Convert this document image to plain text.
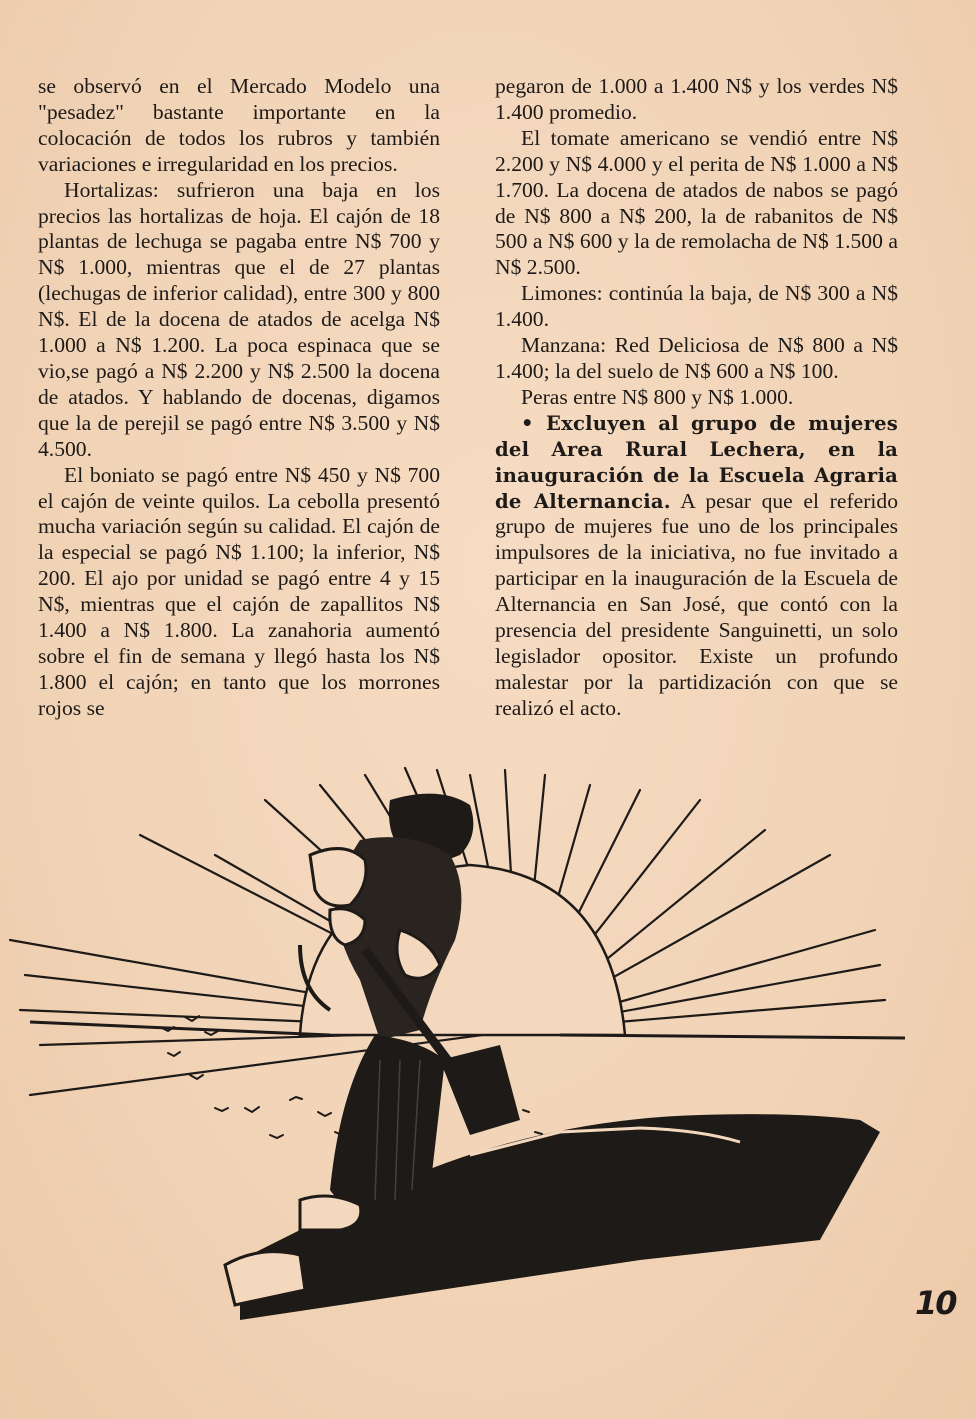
se observó en el Mercado Modelo una "pesadez" bastante importante en la colocación de todos los rubros y también variaciones e irregularidad en los precios.

Hortalizas: sufrieron una baja en los precios las hortalizas de hoja. El cajón de 18 plantas de lechuga se pagaba entre N$ 700 y N$ 1.000, mientras que el de 27 plantas (lechugas de inferior calidad), entre 300 y 800 N$. El de la docena de atados de acelga N$ 1.000 a N$ 1.200. La poca espinaca que se vio,se pagó a N$ 2.200 y N$ 2.500 la docena de atados. Y hablando de docenas, digamos que la de perejil se pagó entre N$ 3.500 y N$ 4.500.

El boniato se pagó entre N$ 450 y N$ 700 el cajón de veinte quilos. La cebolla presentó mucha variación según su calidad. El cajón de la especial se pagó N$ 1.100; la inferior, N$ 200. El ajo por unidad se pagó entre 4 y 15 N$, mientras que el cajón de zapallitos N$ 1.400 a N$ 1.800. La zanahoria aumentó sobre el fin de semana y llegó hasta los N$ 1.800 el cajón; en tanto que los morrones rojos se

pegaron de 1.000 a 1.400 N$ y los verdes N$ 1.400 promedio.

El tomate americano se vendió entre N$ 2.200 y N$ 4.000 y el perita de N$ 1.000 a N$ 1.700. La docena de atados de nabos se pagó de N$ 800 a N$ 200, la de rabanitos de N$ 500 a N$ 600 y la de remolacha de N$ 1.500 a N$ 2.500.

Limones: continúa la baja, de N$ 300 a N$ 1.400.

Manzana: Red Deliciosa de N$ 800 a N$ 1.400; la del suelo de N$ 600 a N$ 100.

Peras entre N$ 800 y N$ 1.000.

• Excluyen al grupo de mujeres del Area Rural Lechera, en la inauguración de la Escuela Agraria de Alternancia. A pesar que el referido grupo de mujeres fue uno de los principales impulsores de la iniciativa, no fue invitado a participar en la inauguración de la Escuela de Alternancia en San José, que contó con la presencia del presidente Sanguinetti, un solo legislador opositor. Existe un profundo malestar por la partidización con que se realizó el acto.

10
